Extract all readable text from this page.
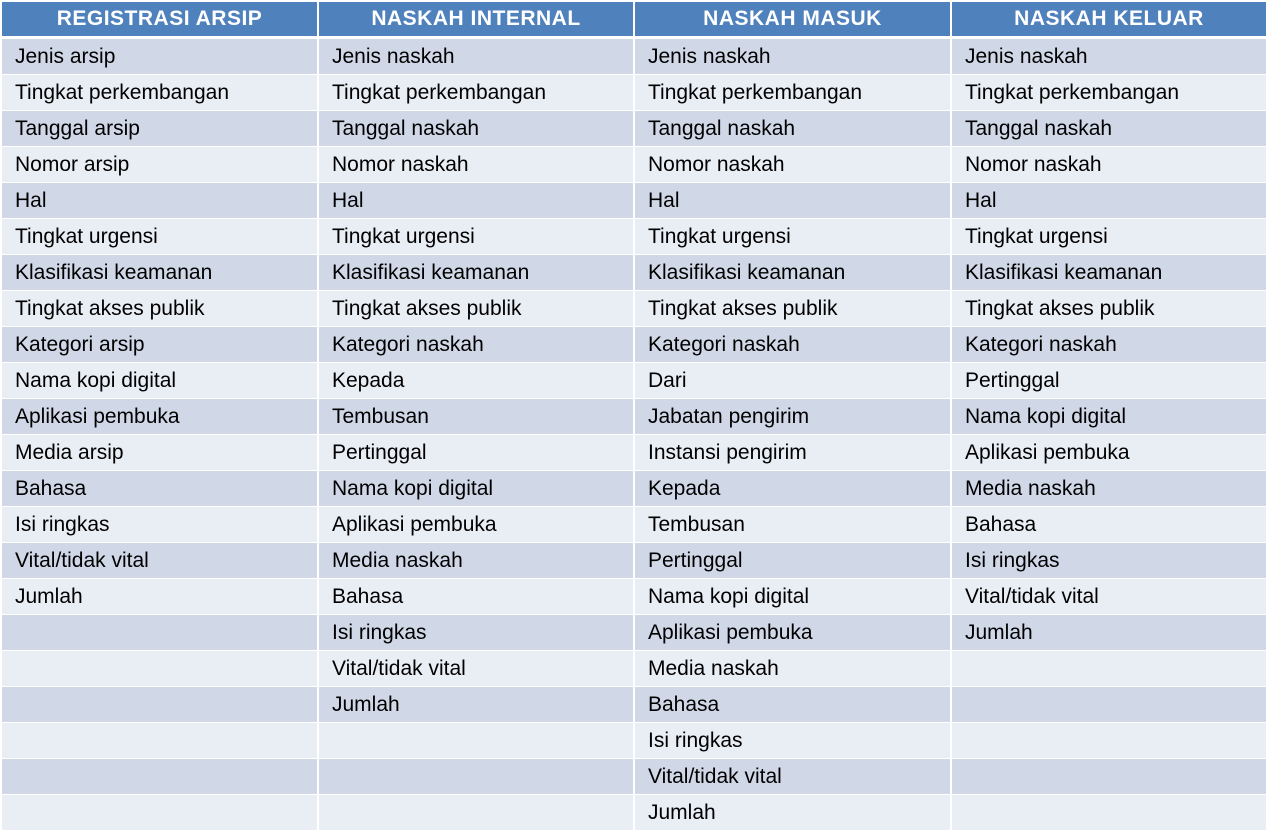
REGISTRASI ARSIP	NASKAH INTERNAL	NASKAH MASUK	NASKAH KELUAR
Jenis arsip	Jenis naskah	Jenis naskah	Jenis naskah
Tingkat perkembangan	Tingkat perkembangan	Tingkat perkembangan	Tingkat perkembangan
Tanggal arsip	Tanggal naskah	Tanggal naskah	Tanggal naskah
Nomor arsip	Nomor naskah	Nomor naskah	Nomor naskah
Hal	Hal	Hal	Hal
Tingkat urgensi	Tingkat urgensi	Tingkat urgensi	Tingkat urgensi
Klasifikasi keamanan	Klasifikasi keamanan	Klasifikasi keamanan	Klasifikasi keamanan
Tingkat akses publik	Tingkat akses publik	Tingkat akses publik	Tingkat akses publik
Kategori arsip	Kategori naskah	Kategori naskah	Kategori naskah
Nama kopi digital	Kepada	Dari	Pertinggal
Aplikasi pembuka	Tembusan	Jabatan pengirim	Nama kopi digital
Media arsip	Pertinggal	Instansi pengirim	Aplikasi pembuka
Bahasa	Nama kopi digital	Kepada	Media naskah
Isi ringkas	Aplikasi pembuka	Tembusan	Bahasa
Vital/tidak vital	Media naskah	Pertinggal	Isi ringkas
Jumlah	Bahasa	Nama kopi digital	Vital/tidak vital
	Isi ringkas	Aplikasi pembuka	Jumlah
	Vital/tidak vital	Media naskah	
	Jumlah	Bahasa	
		Isi ringkas	
		Vital/tidak vital	
		Jumlah	
